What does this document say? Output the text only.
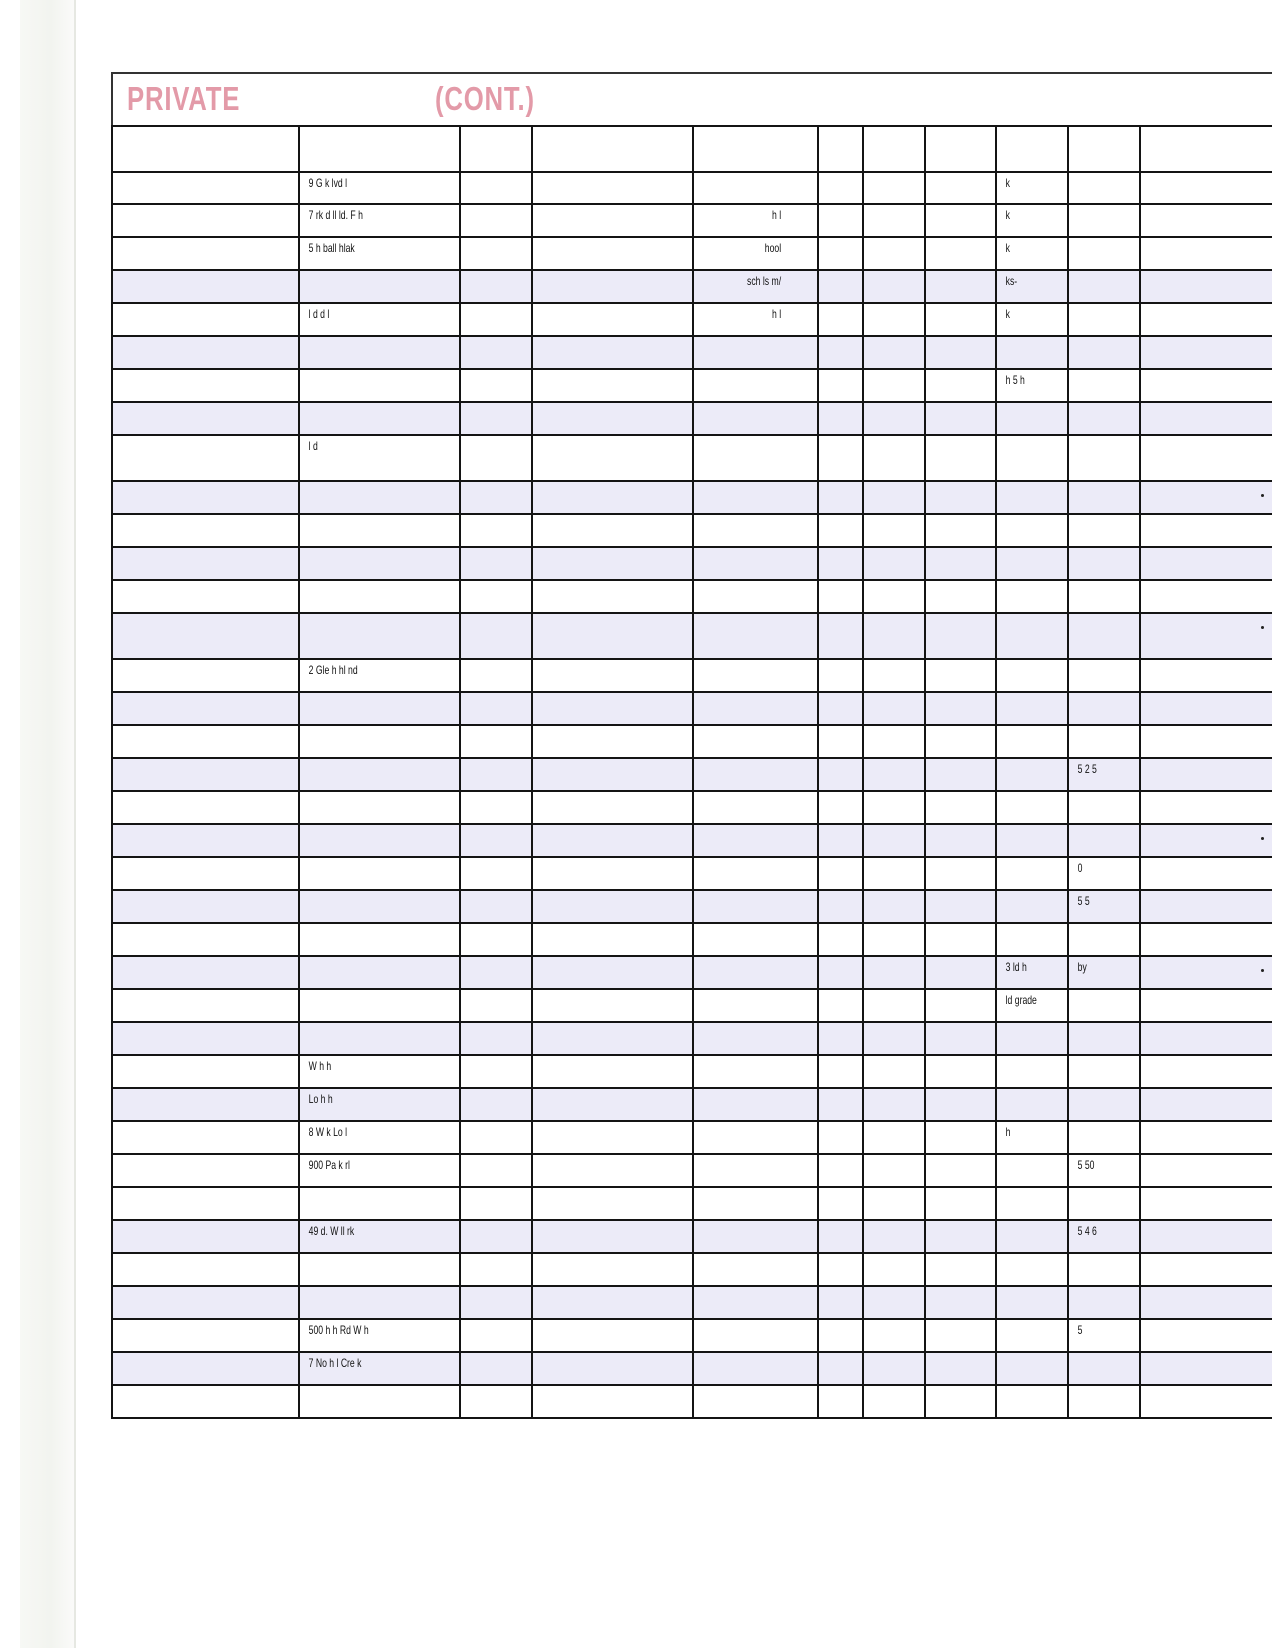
PRIVATE	(CONT.)

	9 G k lvd l							k		

	7 rk d ll ld. F h			h l				k		

	5 h ball hlak			hool				k		

				sch ls m/				ks-		

	l d d l			h l				k		

								h 5 h		

	l d									

	2 Gle h hl nd									

									5 2 5	

									0	

									5 5	

								3 ld h	by	

								ld grade		

	W h h									

	Lo h h									

	8 W k Lo l							h		

	900 Pa k rl								5 50	

	49 d. W ll rk								5 4 6	

	500 h h Rd W h								5	

	7 No h l Cre k									
